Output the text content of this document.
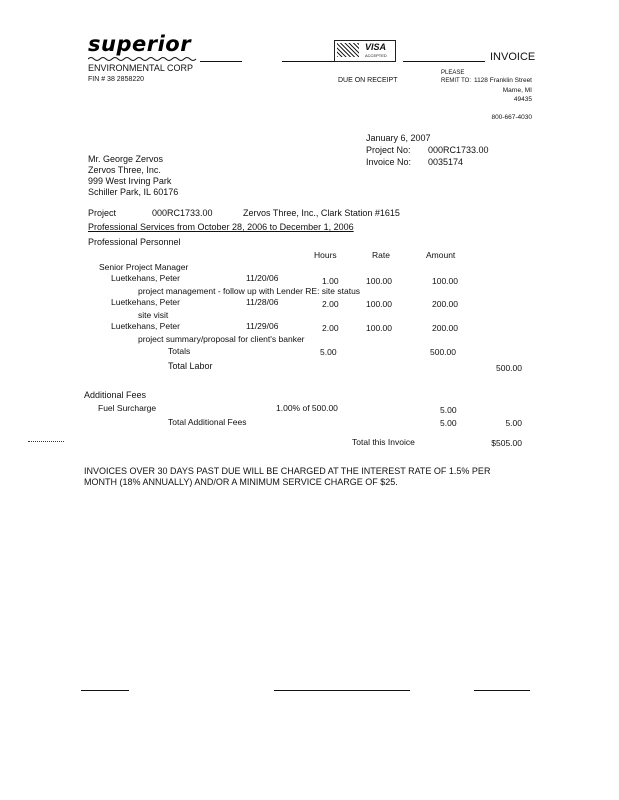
superior
ENVIRONMENTAL CORP
FIN # 38 2858220
VISA
ACCEPTED	INVOICE
DUE ON RECEIPT
PLEASE
REMIT TO: 1128 Franklin Street
Marne, MI
49435
800-667-4030
January 6, 2007
Project No: 000RC1733.00
Invoice No: 0035174
Mr. George Zervos
Zervos Three, Inc.
999 West Irving Park
Schiller Park, IL 60176
Project	000RC1733.00	Zervos Three, Inc., Clark Station #1615
Professional Services from October 28, 2006 to December 1, 2006
Professional Personnel
Hours	Rate	Amount
Senior Project Manager
Luetkehans, Peter	11/20/06	1.00	100.00	100.00
project management - follow up with Lender RE: site status
Luetkehans, Peter	11/28/06	2.00	100.00	200.00
site visit
Luetkehans, Peter	11/29/06	2.00	100.00	200.00
project summary/proposal for client's banker
Totals	5.00	500.00
Total Labor	500.00
Additional Fees
Fuel Surcharge	1.00% of 500.00	5.00
Total Additional Fees	5.00	5.00
Total this Invoice	$505.00
INVOICES OVER 30 DAYS PAST DUE WILL BE CHARGED AT THE INTEREST RATE OF 1.5% PER
MONTH (18% ANNUALLY) AND/OR A MINIMUM SERVICE CHARGE OF $25.
